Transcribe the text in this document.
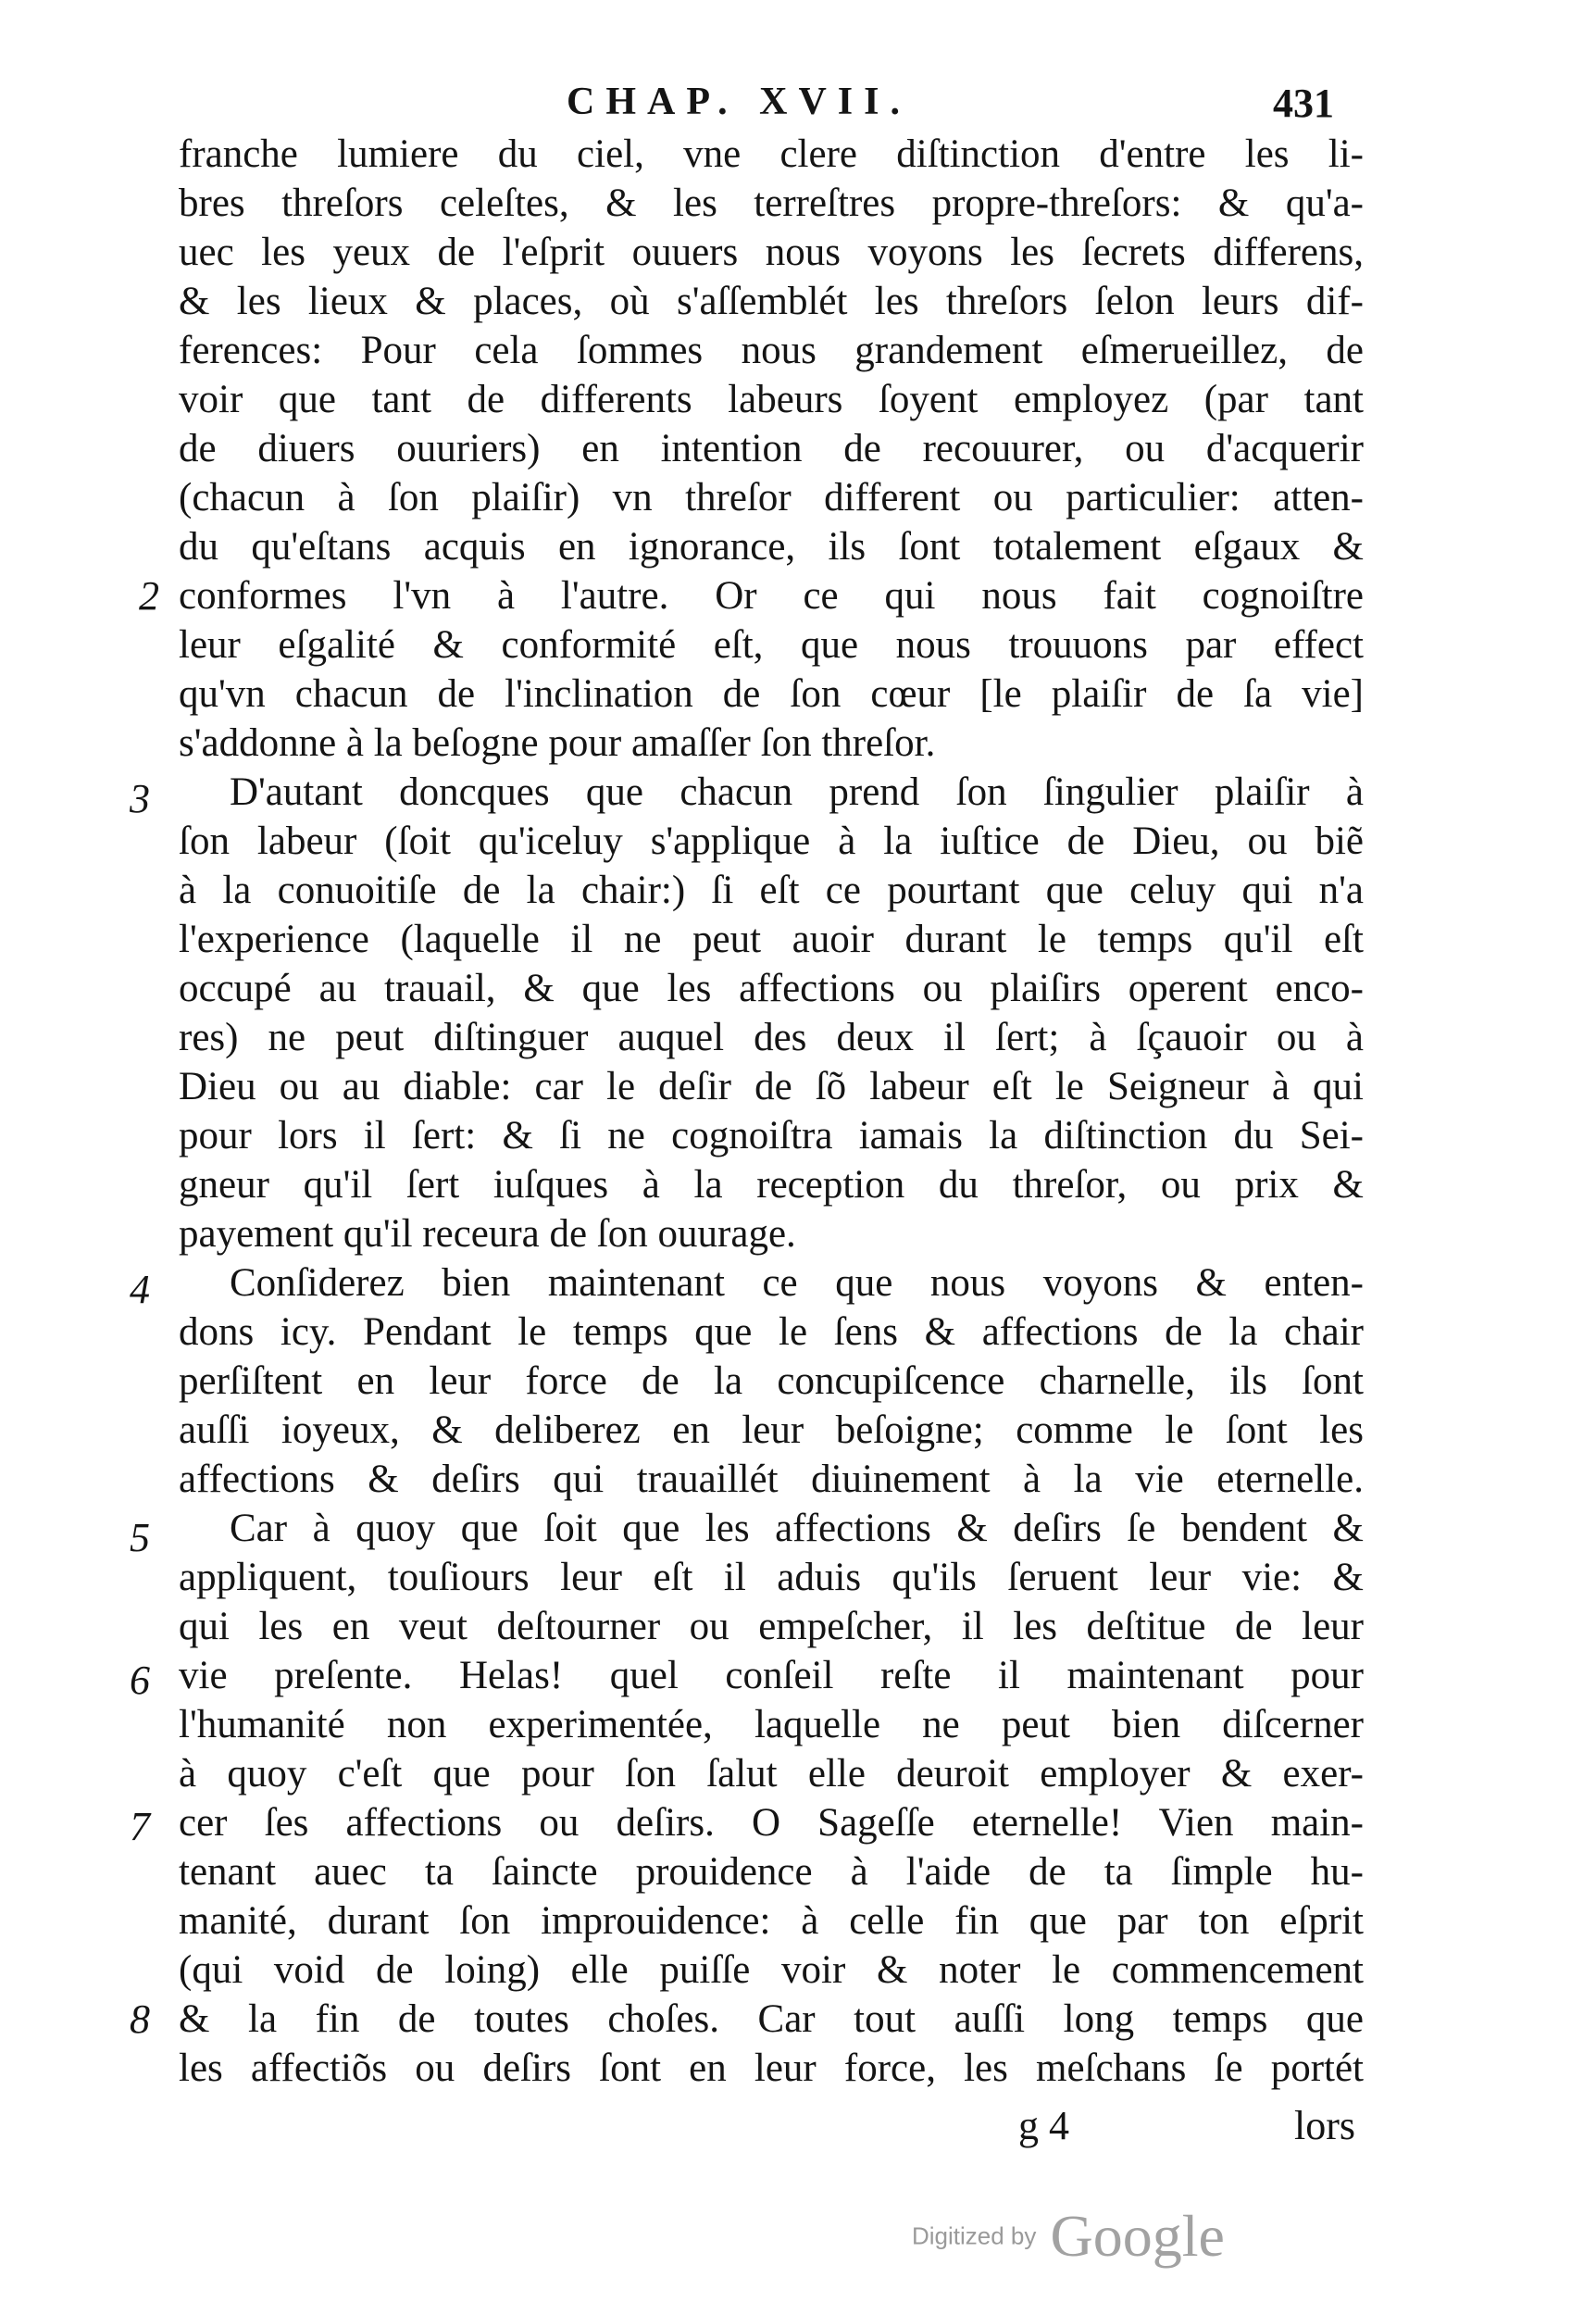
CHAP. XVII.	431
franche lumiere du ciel, vne clere diſtinction d'entre les li-
bres threſors celeſtes, & les terreſtres propre-threſors: & qu'a-
uec les yeux de l'eſprit ouuers nous voyons les ſecrets differens,
& les lieux & places, où s'aſſemblét les threſors ſelon leurs dif-
ferences: Pour cela ſommes nous grandement eſmerueillez, de
voir que tant de differents labeurs ſoyent employez (par tant
de diuers ouuriers) en intention de recouurer, ou d'acquerir
(chacun à ſon plaiſir) vn threſor different ou particulier: atten-
du qu'eſtans acquis en ignorance, ils ſont totalement eſgaux &
conformes l'vn à l'autre. Or ce qui nous fait cognoiſtre
leur eſgalité & conformité eſt, que nous trouuons par effect
qu'vn chacun de l'inclination de ſon cœur [le plaiſir de ſa vie]
s'addonne à la beſogne pour amaſſer ſon threſor.
D'autant doncques que chacun prend ſon ſingulier plaiſir à
ſon labeur (ſoit qu'iceluy s'applique à la iuſtice de Dieu, ou biẽ
à la conuoitiſe de la chair:) ſi eſt ce pourtant que celuy qui n'a
l'experience (laquelle il ne peut auoir durant le temps qu'il eſt
occupé au trauail, & que les affections ou plaiſirs operent enco-
res) ne peut diſtinguer auquel des deux il ſert; à ſçauoir ou à
Dieu ou au diable: car le deſir de ſõ labeur eſt le Seigneur à qui
pour lors il ſert: & ſi ne cognoiſtra iamais la diſtinction du Sei-
gneur qu'il ſert iuſques à la reception du threſor, ou prix &
payement qu'il receura de ſon ouurage.
Conſiderez bien maintenant ce que nous voyons & enten-
dons icy. Pendant le temps que le ſens & affections de la chair
perſiſtent en leur force de la concupiſcence charnelle, ils ſont
auſſi ioyeux, & deliberez en leur beſoigne; comme le ſont les
affections & deſirs qui trauaillét diuinement à la vie eternelle.
Car à quoy que ſoit que les affections & deſirs ſe bendent &
appliquent, touſiours leur eſt il aduis qu'ils ſeruent leur vie: &
qui les en veut deſtourner ou empeſcher, il les deſtitue de leur
vie preſente. Helas! quel conſeil reſte il maintenant pour
l'humanité non experimentée, laquelle ne peut bien diſcerner
à quoy c'eſt que pour ſon ſalut elle deuroit employer & exer-
cer ſes affections ou deſirs. O Sageſſe eternelle! Vien main-
tenant auec ta ſaincte prouidence à l'aide de ta ſimple hu-
manité, durant ſon improuidence: à celle fin que par ton eſprit
(qui void de loing) elle puiſſe voir & noter le commencement
& la fin de toutes choſes. Car tout auſſi long temps que
les affectiõs ou deſirs ſont en leur force, les meſchans ſe portét
2
3
4
5
6
7
8
g 4	lors
Digitized by Google
